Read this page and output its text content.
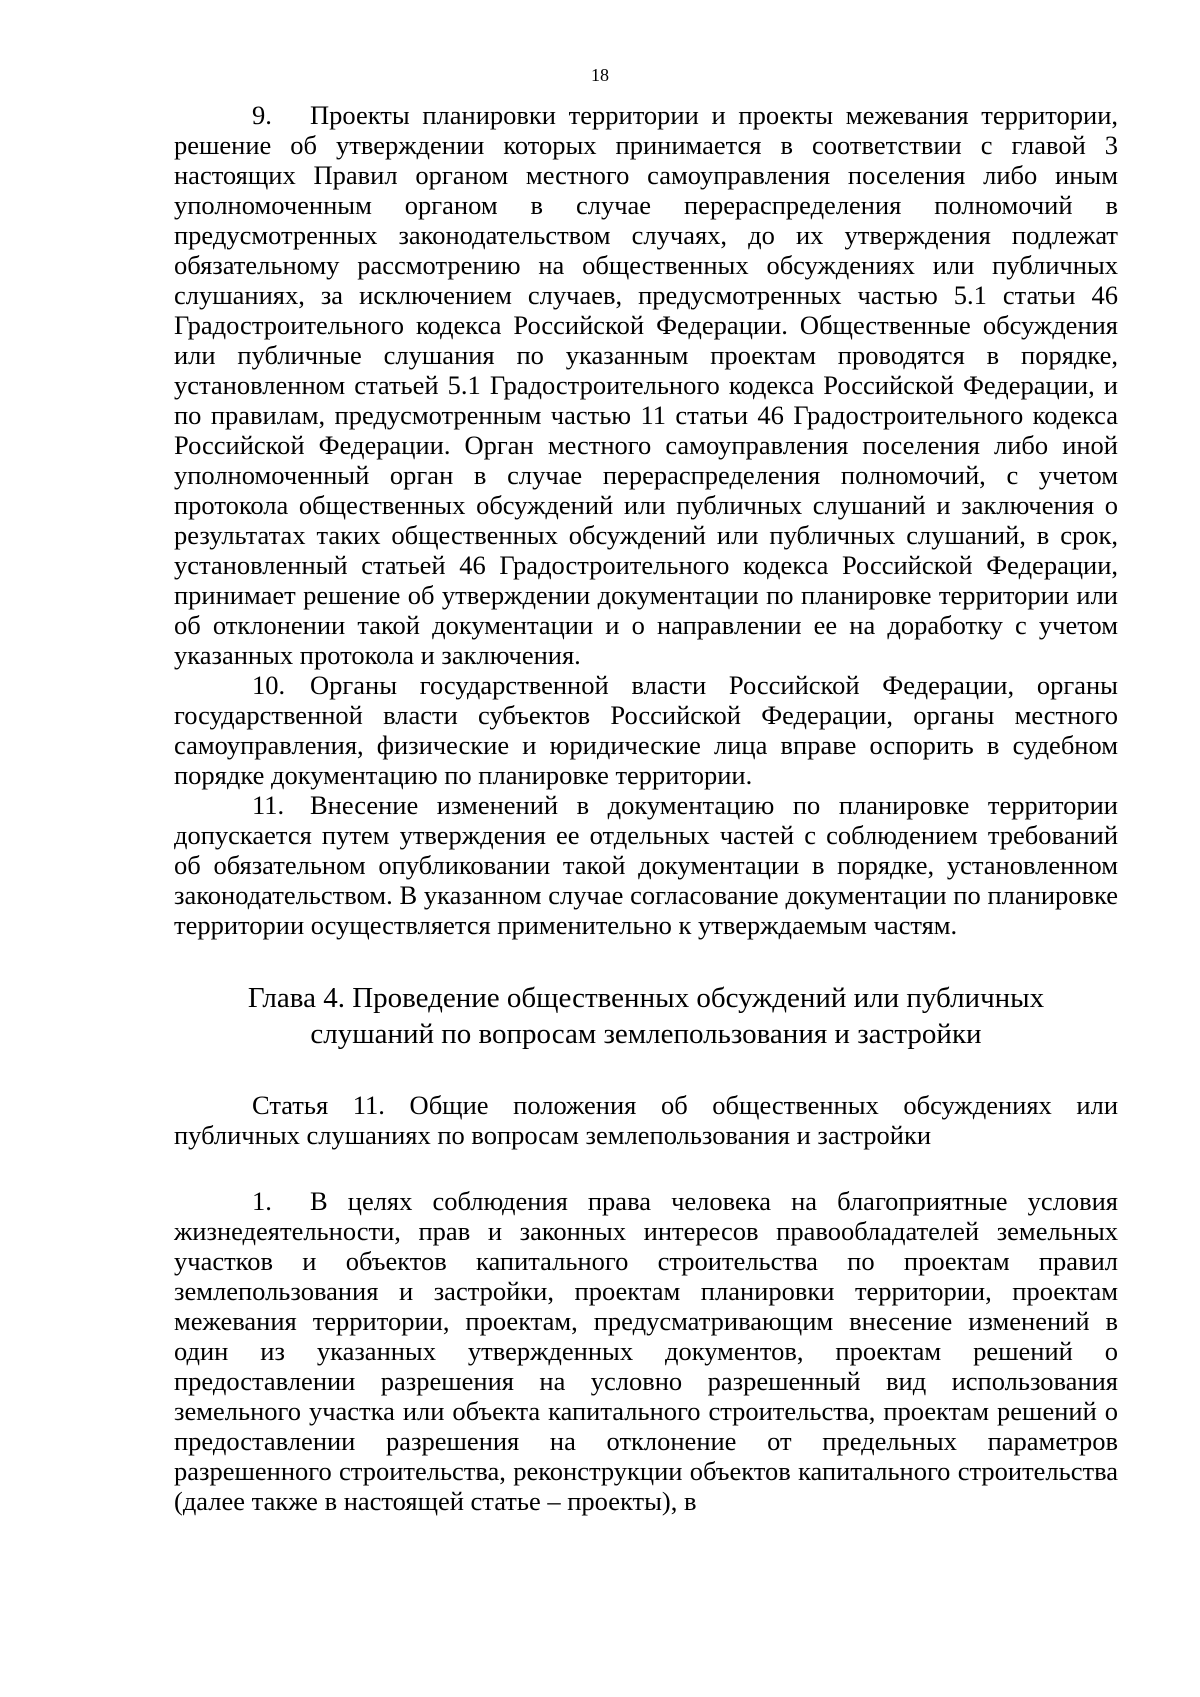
18

9. Проекты планировки территории и проекты межевания территории, решение об утверждении которых принимается в соответствии с главой 3 настоящих Правил органом местного самоуправления поселения либо иным уполномоченным органом в случае перераспределения полномочий в предусмотренных законодательством случаях, до их утверждения подлежат обязательному рассмотрению на общественных обсуждениях или публичных слушаниях, за исключением случаев, предусмотренных частью 5.1 статьи 46 Градостроительного кодекса Российской Федерации. Общественные обсуждения или публичные слушания по указанным проектам проводятся в порядке, установленном статьей 5.1 Градостроительного кодекса Российской Федерации, и по правилам, предусмотренным частью 11 статьи 46 Градостроительного кодекса Российской Федерации. Орган местного самоуправления поселения либо иной уполномоченный орган в случае перераспределения полномочий, с учетом протокола общественных обсуждений или публичных слушаний и заключения о результатах таких общественных обсуждений или публичных слушаний, в срок, установленный статьей 46 Градостроительного кодекса Российской Федерации, принимает решение об утверждении документации по планировке территории или об отклонении такой документации и о направлении ее на доработку с учетом указанных протокола и заключения.

10. Органы государственной власти Российской Федерации, органы государственной власти субъектов Российской Федерации, органы местного самоуправления, физические и юридические лица вправе оспорить в судебном порядке документацию по планировке территории.

11. Внесение изменений в документацию по планировке территории допускается путем утверждения ее отдельных частей с соблюдением требований об обязательном опубликовании такой документации в порядке, установленном законодательством. В указанном случае согласование документации по планировке территории осуществляется применительно к утверждаемым частям.

Глава 4. Проведение общественных обсуждений или публичных
слушаний по вопросам землепользования и застройки

Статья 11. Общие положения об общественных обсуждениях или публичных слушаниях по вопросам землепользования и застройки

1. В целях соблюдения права человека на благоприятные условия жизнедеятельности, прав и законных интересов правообладателей земельных участков и объектов капитального строительства по проектам правил землепользования и застройки, проектам планировки территории, проектам межевания территории, проектам, предусматривающим внесение изменений в один из указанных утвержденных документов, проектам решений о предоставлении разрешения на условно разрешенный вид использования земельного участка или объекта капитального строительства, проектам решений о предоставлении разрешения на отклонение от предельных параметров разрешенного строительства, реконструкции объектов капитального строительства (далее также в настоящей статье – проекты), в
